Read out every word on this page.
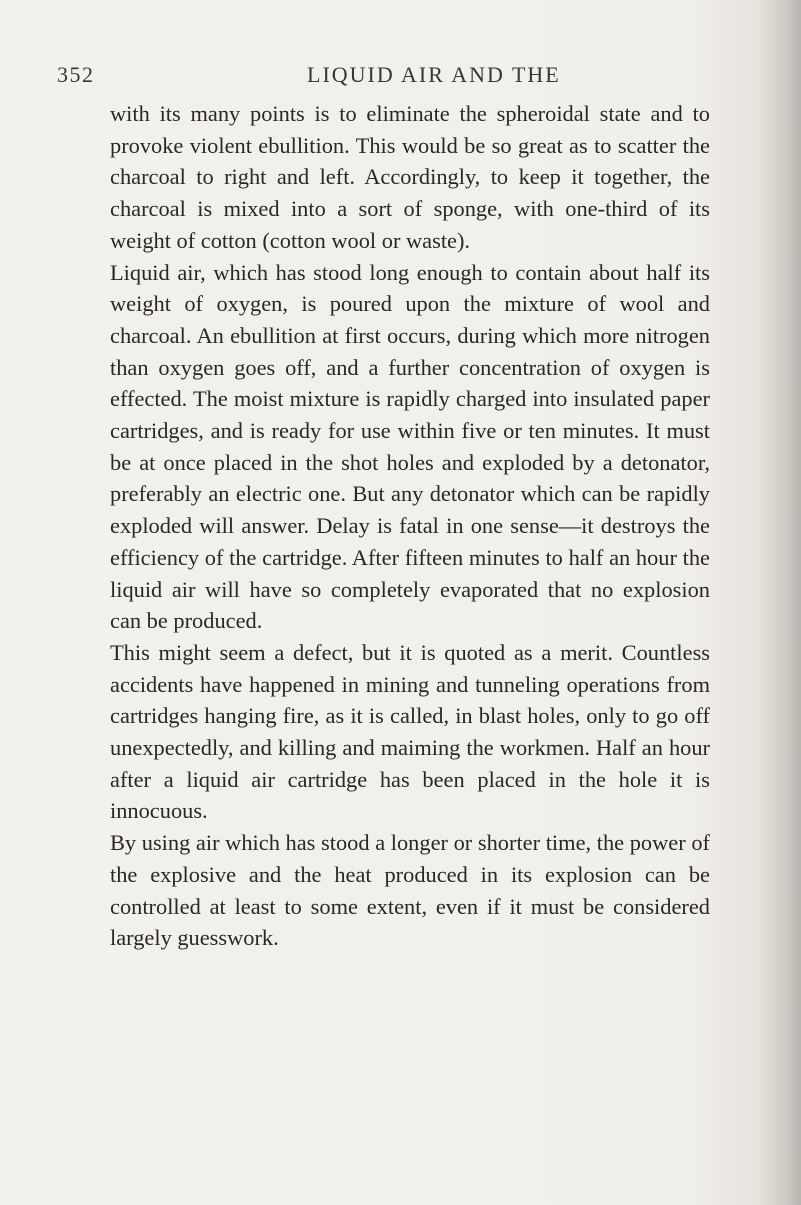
352	LIQUID AIR AND THE

with its many points is to eliminate the spheroidal state and to provoke violent ebullition. This would be so great as to scatter the charcoal to right and left. Accordingly, to keep it together, the charcoal is mixed into a sort of sponge, with one-third of its weight of cotton (cotton wool or waste).

Liquid air, which has stood long enough to contain about half its weight of oxygen, is poured upon the mixture of wool and charcoal. An ebullition at first occurs, during which more nitrogen than oxygen goes off, and a further concentration of oxygen is effected. The moist mixture is rapidly charged into insulated paper cartridges, and is ready for use within five or ten minutes. It must be at once placed in the shot holes and exploded by a detonator, preferably an electric one. But any detonator which can be rapidly exploded will answer. Delay is fatal in one sense—it destroys the efficiency of the cartridge. After fifteen minutes to half an hour the liquid air will have so completely evaporated that no explosion can be produced.

This might seem a defect, but it is quoted as a merit. Countless accidents have happened in mining and tunneling operations from cartridges hanging fire, as it is called, in blast holes, only to go off unexpectedly, and killing and maiming the workmen. Half an hour after a liquid air cartridge has been placed in the hole it is innocuous.

By using air which has stood a longer or shorter time, the power of the explosive and the heat produced in its explosion can be controlled at least to some extent, even if it must be considered largely guesswork.
